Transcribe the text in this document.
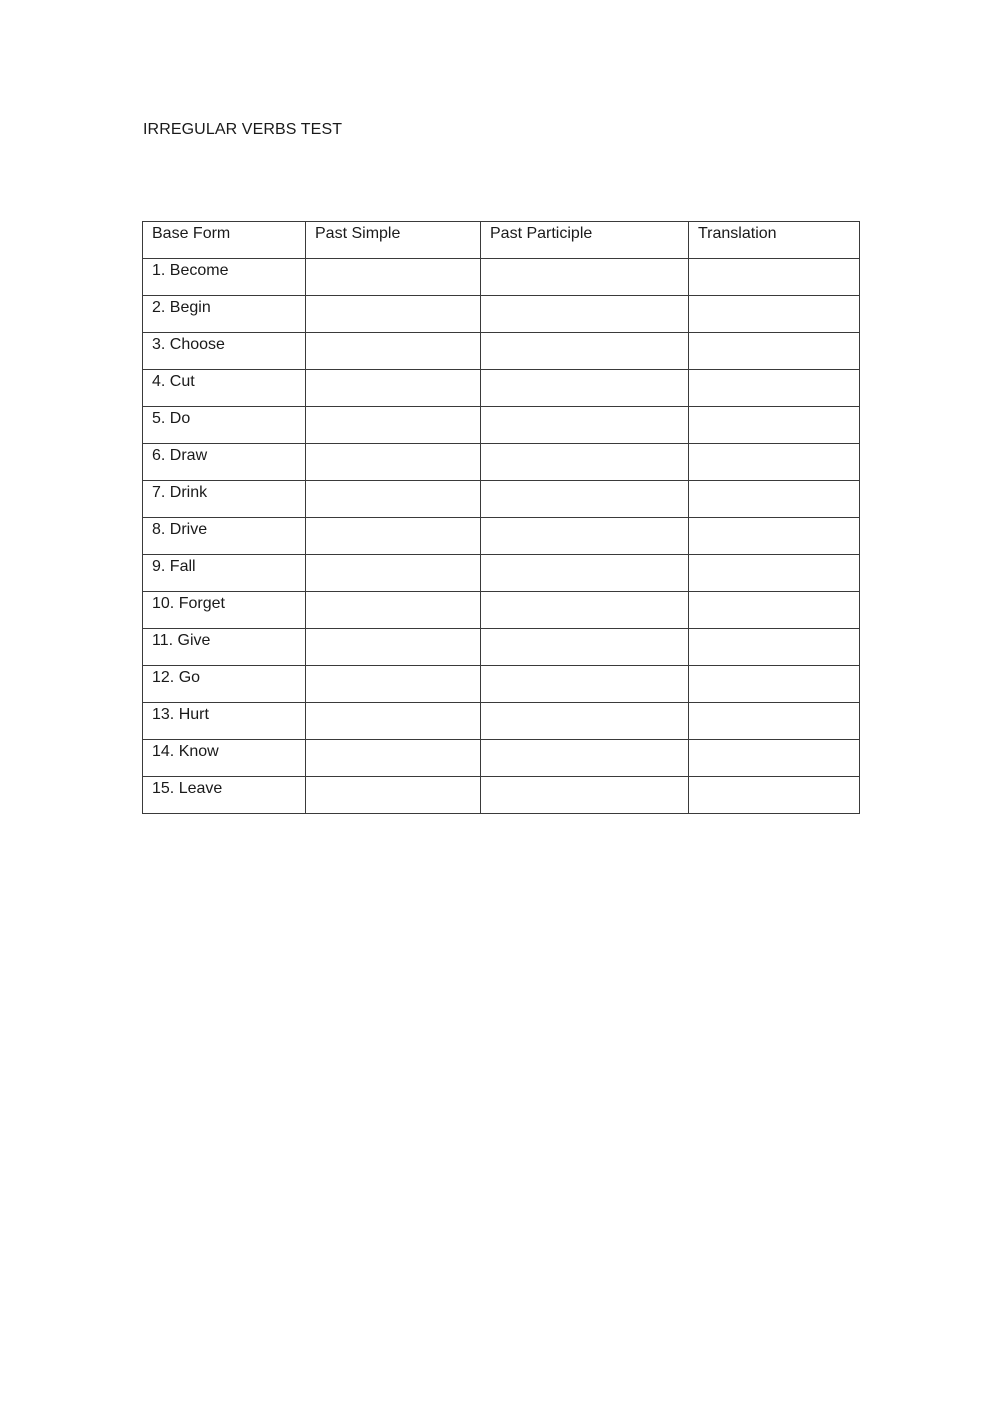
IRREGULAR VERBS TEST
Base Form	Past Simple	Past Participle	Translation

1. Become			

2. Begin			

3. Choose			

4. Cut			

5. Do			

6. Draw			

7. Drink			

8. Drive			

9. Fall			

10. Forget			

11. Give			

12. Go			

13. Hurt			

14. Know			

15. Leave			
